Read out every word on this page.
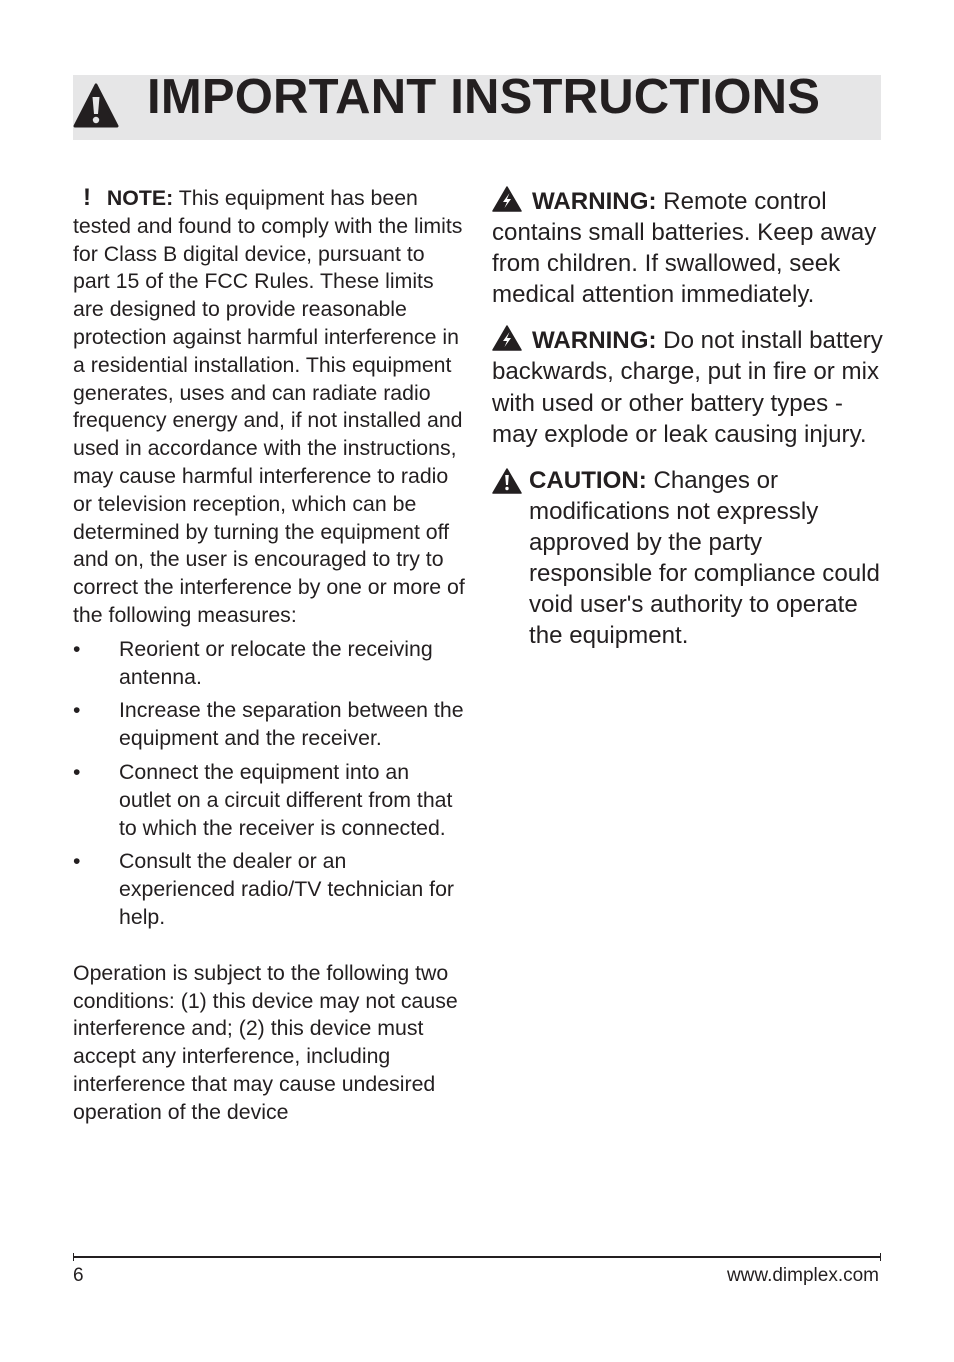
IMPORTANT INSTRUCTIONS

! NOTE: This equipment has been tested and found to comply with the limits for Class B digital device, pursuant to part 15 of the FCC Rules. These limits are designed to provide reasonable protection against harmful interference in a residential installation. This equipment generates, uses and can radiate radio frequency energy and, if not installed and used in accordance with the instructions, may cause harmful interference to radio or television reception, which can be determined by turning the equipment off and on, the user is encouraged to try to correct the interference by one or more of the following measures:

• Reorient or relocate the receiving antenna.
• Increase the separation between the equipment and the receiver.
• Connect the equipment into an outlet on a circuit different from that to which the receiver is connected.
• Consult the dealer or an experienced radio/TV technician for help.

Operation is subject to the following two conditions: (1) this device may not cause interference and; (2) this device must accept any interference, including interference that may cause undesired operation of the device

WARNING: Remote control contains small batteries. Keep away from children. If swallowed, seek medical attention immediately.

WARNING: Do not install battery backwards, charge, put in fire or mix with used or other battery types - may explode or leak causing injury.

CAUTION: Changes or modifications not expressly approved by the party responsible for compliance could void user's authority to operate the equipment.

6	www.dimplex.com
